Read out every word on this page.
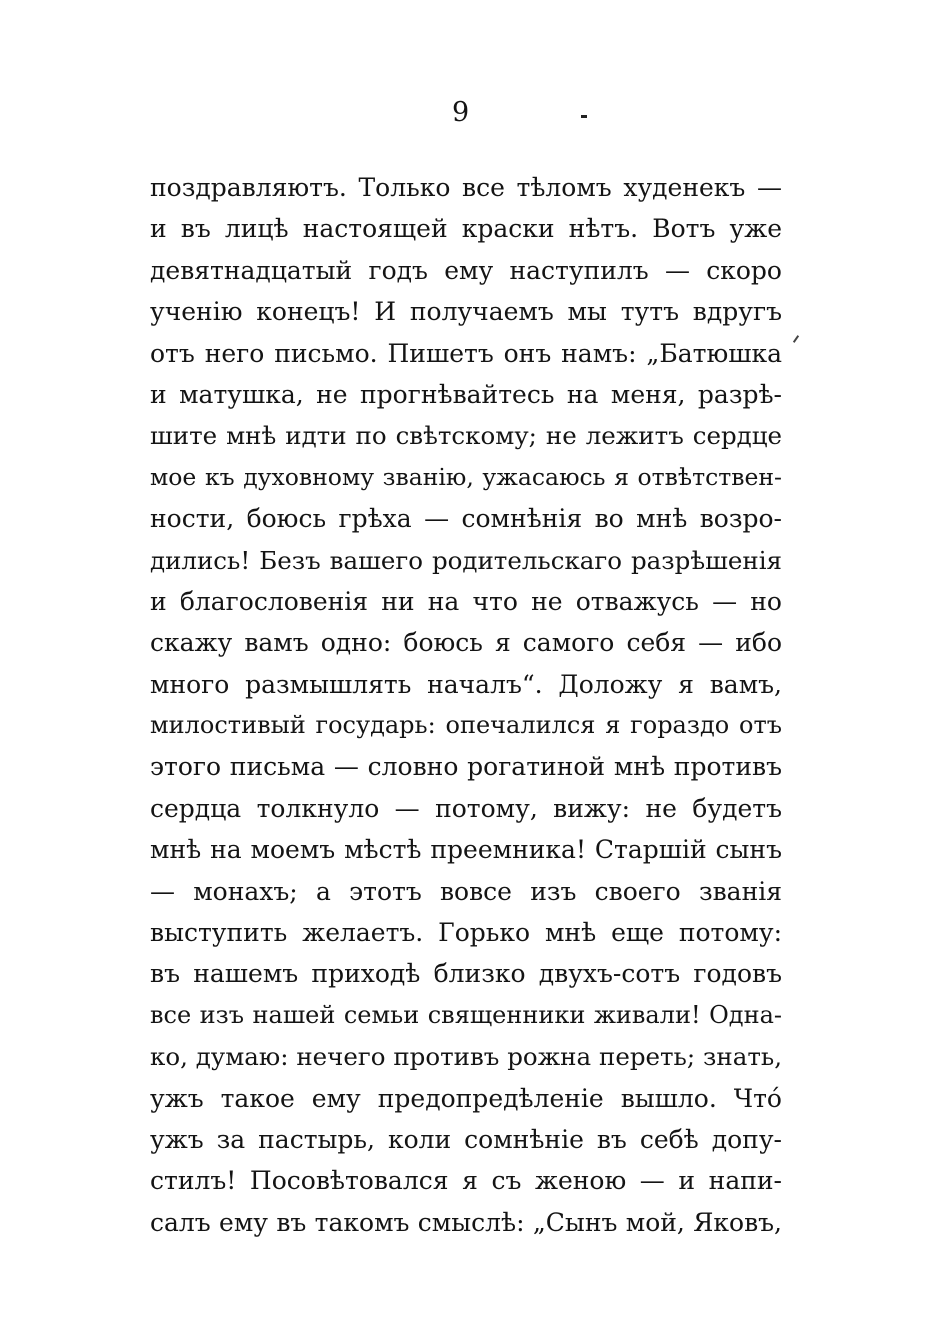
9
поздравляютъ. Только все тѣломъ худенекъ —
и въ лицѣ настоящей краски нѣтъ. Вотъ уже
девятнадцатый годъ ему наступилъ — скоро
ученію конецъ! И получаемъ мы тутъ вдругъ
отъ него письмо. Пишетъ онъ намъ: „Батюшка
и матушка, не прогнѣвайтесь на меня, разрѣ-
шите мнѣ идти по свѣтскому; не лежитъ сердце
мое къ духовному званію, ужасаюсь я отвѣтствен-
ности, боюсь грѣха — сомнѣнія во мнѣ возро-
дились! Безъ вашего родительскаго разрѣшенія
и благословенія ни на что не отважусь — но
скажу вамъ одно: боюсь я самого себя — ибо
много размышлять началъ“. Доложу я вамъ,
милостивый государь: опечалился я гораздо отъ
этого письма — словно рогатиной мнѣ противъ
сердца толкнуло — потому, вижу: не будетъ
мнѣ на моемъ мѣстѣ преемника! Старшій сынъ
— монахъ; а этотъ вовсе изъ своего званія
выступить желаетъ. Горько мнѣ еще потому:
въ нашемъ приходѣ близко двухъ-сотъ годовъ
все изъ нашей семьи священники живали! Одна-
ко, думаю: нечего противъ рожна переть; знать,
ужъ такое ему предопредѣленіе вышло. Чтó
ужъ за пастырь, коли сомнѣніе въ себѣ допу-
стилъ! Посовѣтовался я съ женою — и напи-
салъ ему въ такомъ смыслѣ: „Сынъ мой, Яковъ,
